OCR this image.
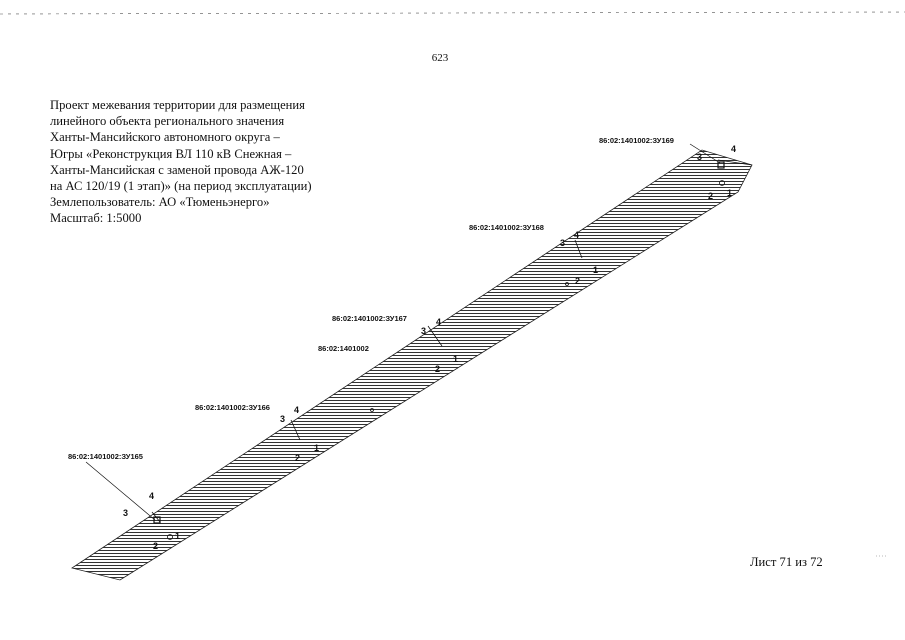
623
Проект межевания территории для размещения
линейного объекта регионального значения
Ханты-Мансийского автономного округа –
Югры «Реконструкция ВЛ 110 кВ Снежная –
Ханты-Мансийская с заменой провода АЖ-120
на АС 120/19 (1 этап)» (на период эксплуатации)
Землепользователь: АО «Тюменьэнерго»
Масштаб: 1:5000
86:02:1401002:ЗУ165
86:02:1401002:ЗУ166
86:02:1401002:ЗУ167
86:02:1401002
86:02:1401002:ЗУ168
86:02:1401002:ЗУ169
1
2
3
4
1
2
3
4
1
2
3
4
1
2
3
4
1
2
3
4
Лист 71 из 72
